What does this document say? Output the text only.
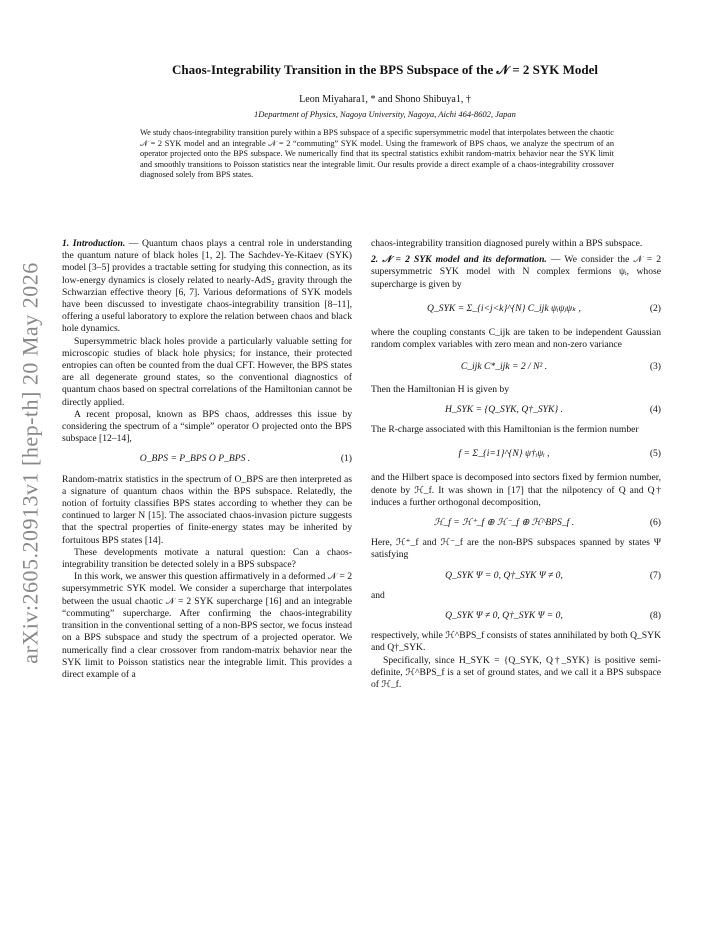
arXiv:2605.20913v1 [hep-th] 20 May 2026
Chaos-Integrability Transition in the BPS Subspace of the 𝒩 = 2 SYK Model
Leon Miyahara1, * and Shono Shibuya1, †
1Department of Physics, Nagoya University, Nagoya, Aichi 464-8602, Japan
We study chaos-integrability transition purely within a BPS subspace of a specific supersymmetric model that interpolates between the chaotic 𝒩 = 2 SYK model and an integrable 𝒩 = 2 “commuting” SYK model. Using the framework of BPS chaos, we analyze the spectrum of an operator projected onto the BPS subspace. We numerically find that its spectral statistics exhibit random-matrix behavior near the SYK limit and smoothly transitions to Poisson statistics near the integrable limit. Our results provide a direct example of a chaos-integrability crossover diagnosed solely from BPS states.

1. Introduction. — Quantum chaos plays a central role in understanding the quantum nature of black holes [1, 2]. The Sachdev-Ye-Kitaev (SYK) model [3–5] provides a tractable setting for studying this connection, as its low-energy dynamics is closely related to nearly-AdS₂ gravity through the Schwarzian effective theory [6, 7]. Various deformations of SYK models have been discussed to investigate chaos-integrability transition [8–11], offering a useful laboratory to explore the relation between chaos and black hole dynamics.

Supersymmetric black holes provide a particularly valuable setting for microscopic studies of black hole physics; for instance, their protected entropies can often be counted from the dual CFT. However, the BPS states are all degenerate ground states, so the conventional diagnostics of quantum chaos based on spectral correlations of the Hamiltonian cannot be directly applied.

A recent proposal, known as BPS chaos, addresses this issue by considering the spectrum of a “simple” operator O projected onto the BPS subspace [12–14],

O_BPS = P_BPS O P_BPS .	(1)

Random-matrix statistics in the spectrum of O_BPS are then interpreted as a signature of quantum chaos within the BPS subspace. Relatedly, the notion of fortuity classifies BPS states according to whether they can be continued to larger N [15]. The associated chaos-invasion picture suggests that the spectral properties of finite-energy states may be inherited by fortuitous BPS states [14].

These developments motivate a natural question: Can a chaos-integrability transition be detected solely in a BPS subspace?

In this work, we answer this question affirmatively in a deformed 𝒩 = 2 supersymmetric SYK model. We consider a supercharge that interpolates between the usual chaotic 𝒩 = 2 SYK supercharge [16] and an integrable “commuting” supercharge. After confirming the chaos-integrability transition in the conventional setting of a non-BPS sector, we focus instead on a BPS subspace and study the spectrum of a projected operator. We numerically find a clear crossover from random-matrix behavior near the SYK limit to Poisson statistics near the integrable limit. This provides a direct example of a

chaos-integrability transition diagnosed purely within a BPS subspace.

2. 𝒩 = 2 SYK model and its deformation. — We consider the 𝒩 = 2 supersymmetric SYK model with N complex fermions ψᵢ, whose supercharge is given by

Q_SYK = Σ_{i<j<k}^{N} C_ijk ψᵢψⱼψₖ ,	(2)

where the coupling constants C_ijk are taken to be independent Gaussian random complex variables with zero mean and non-zero variance

C_ijk C*_ijk = 2 / N² .	(3)

Then the Hamiltonian H is given by

H_SYK = {Q_SYK, Q†_SYK} .	(4)

The R-charge associated with this Hamiltonian is the fermion number

f = Σ_{i=1}^{N} ψ†ᵢψᵢ ,	(5)

and the Hilbert space is decomposed into sectors fixed by fermion number, denote by ℋ_f. It was shown in [17] that the nilpotency of Q and Q† induces a further orthogonal decomposition,

ℋ_f = ℋ⁺_f ⊕ ℋ⁻_f ⊕ ℋ^BPS_f .	(6)

Here, ℋ⁺_f and ℋ⁻_f are the non-BPS subspaces spanned by states Ψ satisfying

Q_SYK Ψ = 0, Q†_SYK Ψ ≠ 0,	(7)

and

Q_SYK Ψ ≠ 0, Q†_SYK Ψ = 0,	(8)

respectively, while ℋ^BPS_f consists of states annihilated by both Q_SYK and Q†_SYK.

Specifically, since H_SYK = {Q_SYK, Q†_SYK} is positive semi-definite, ℋ^BPS_f is a set of ground states, and we call it a BPS subspace of ℋ_f.
